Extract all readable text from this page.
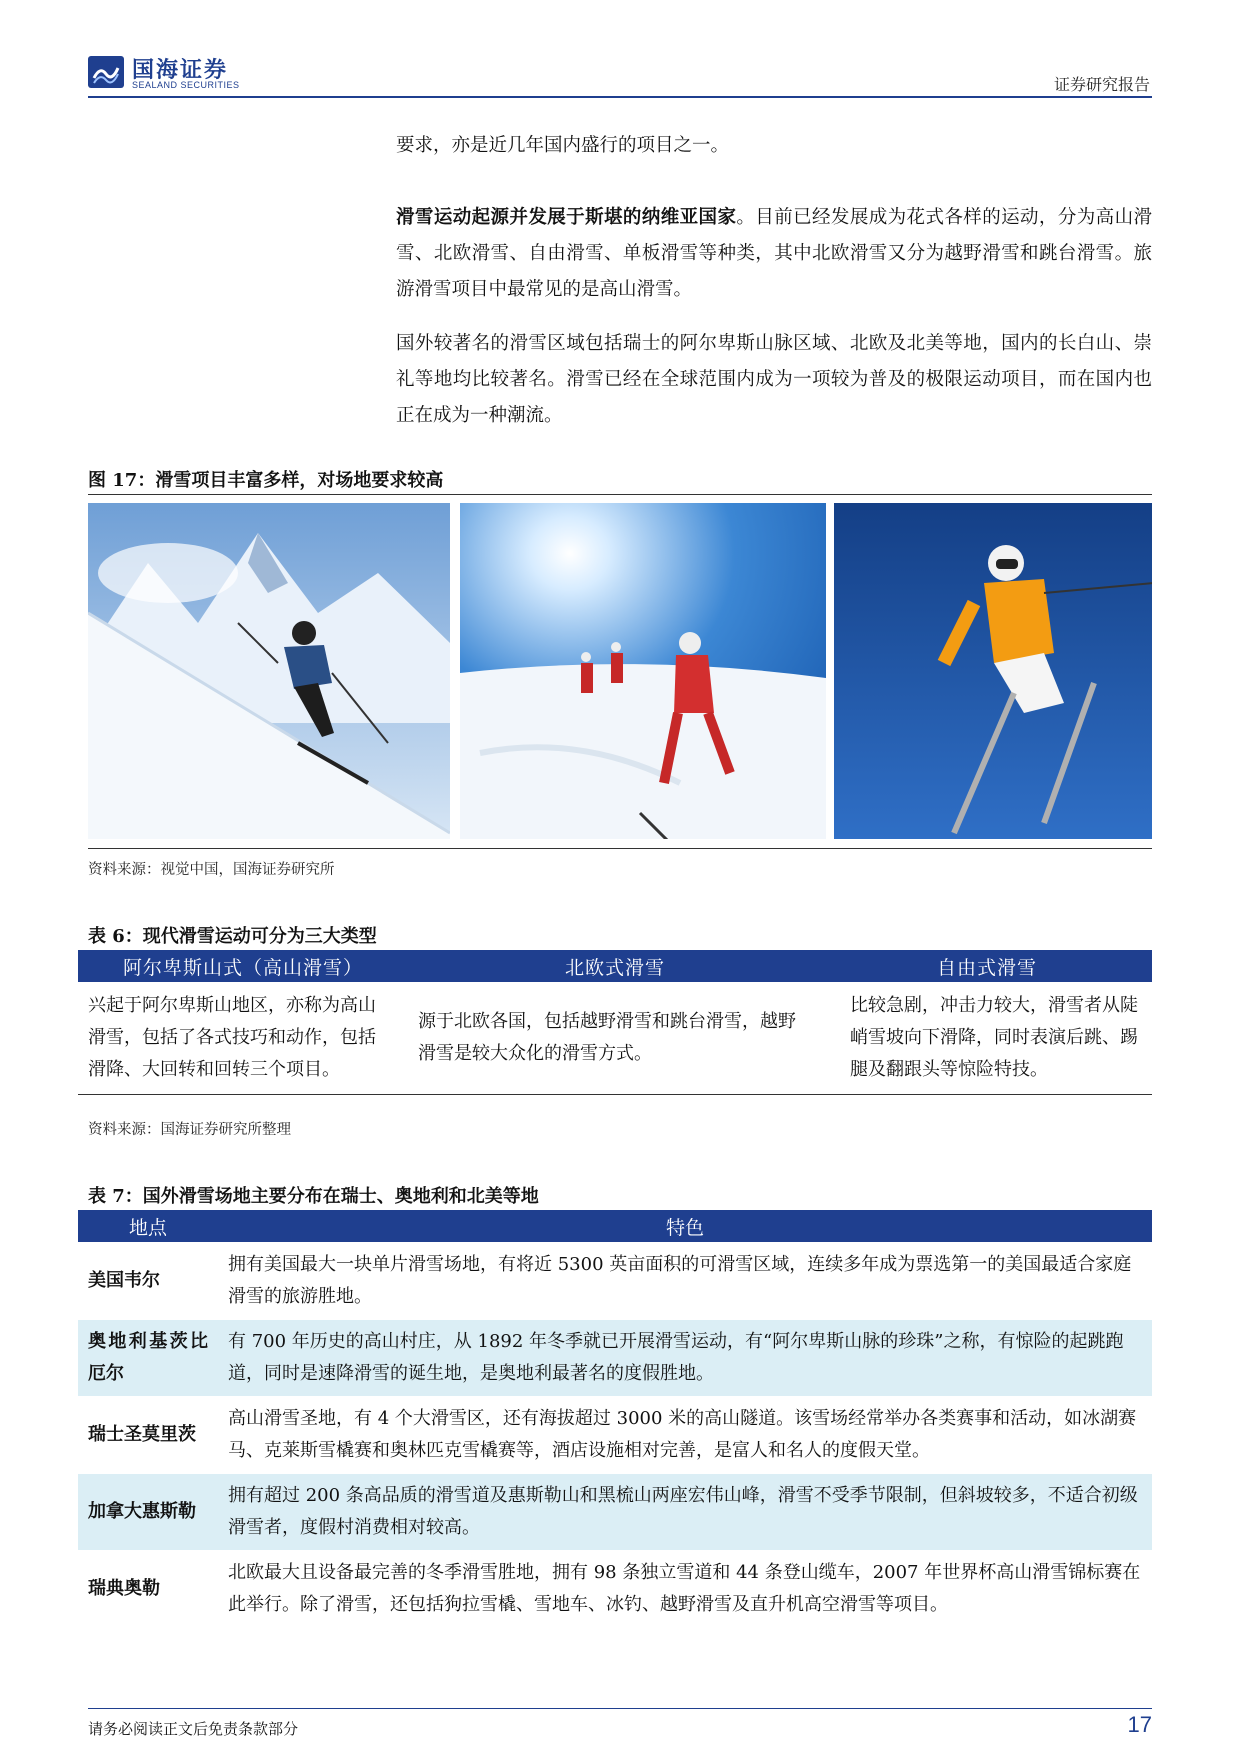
国海证券
SEALAND SECURITIES	证券研究报告
要求，亦是近几年国内盛行的项目之一。
滑雪运动起源并发展于斯堪的纳维亚国家。目前已经发展成为花式各样的运动，分为高山滑雪、北欧滑雪、自由滑雪、单板滑雪等种类，其中北欧滑雪又分为越野滑雪和跳台滑雪。旅游滑雪项目中最常见的是高山滑雪。
国外较著名的滑雪区域包括瑞士的阿尔卑斯山脉区域、北欧及北美等地，国内的长白山、崇礼等地均比较著名。滑雪已经在全球范围内成为一项较为普及的极限运动项目，而在国内也正在成为一种潮流。
图 17：滑雪项目丰富多样，对场地要求较高
资料来源：视觉中国，国海证券研究所
表 6：现代滑雪运动可分为三大类型
阿尔卑斯山式（高山滑雪）	北欧式滑雪	自由式滑雪
兴起于阿尔卑斯山地区，亦称为高山滑雪，包括了各式技巧和动作，包括滑降、大回转和回转三个项目。	源于北欧各国，包括越野滑雪和跳台滑雪，越野滑雪是较大众化的滑雪方式。	比较急剧，冲击力较大，滑雪者从陡峭雪坡向下滑降，同时表演后跳、踢腿及翻跟头等惊险特技。
资料来源：国海证券研究所整理
表 7：国外滑雪场地主要分布在瑞士、奥地利和北美等地
地点	特色
美国韦尔	拥有美国最大一块单片滑雪场地，有将近 5300 英亩面积的可滑雪区域，连续多年成为票选第一的美国最适合家庭滑雪的旅游胜地。
奥地利基茨比厄尔	有 700 年历史的高山村庄，从 1892 年冬季就已开展滑雪运动，有“阿尔卑斯山脉的珍珠”之称，有惊险的起跳跑道，同时是速降滑雪的诞生地，是奥地利最著名的度假胜地。
瑞士圣莫里茨	高山滑雪圣地，有 4 个大滑雪区，还有海拔超过 3000 米的高山隧道。该雪场经常举办各类赛事和活动，如冰湖赛马、克莱斯雪橇赛和奥林匹克雪橇赛等，酒店设施相对完善，是富人和名人的度假天堂。
加拿大惠斯勒	拥有超过 200 条高品质的滑雪道及惠斯勒山和黑梳山两座宏伟山峰，滑雪不受季节限制，但斜坡较多，不适合初级滑雪者，度假村消费相对较高。
瑞典奥勒	北欧最大且设备最完善的冬季滑雪胜地，拥有 98 条独立雪道和 44 条登山缆车，2007 年世界杯高山滑雪锦标赛在此举行。除了滑雪，还包括狗拉雪橇、雪地车、冰钓、越野滑雪及直升机高空滑雪等项目。
请务必阅读正文后免责条款部分	17
